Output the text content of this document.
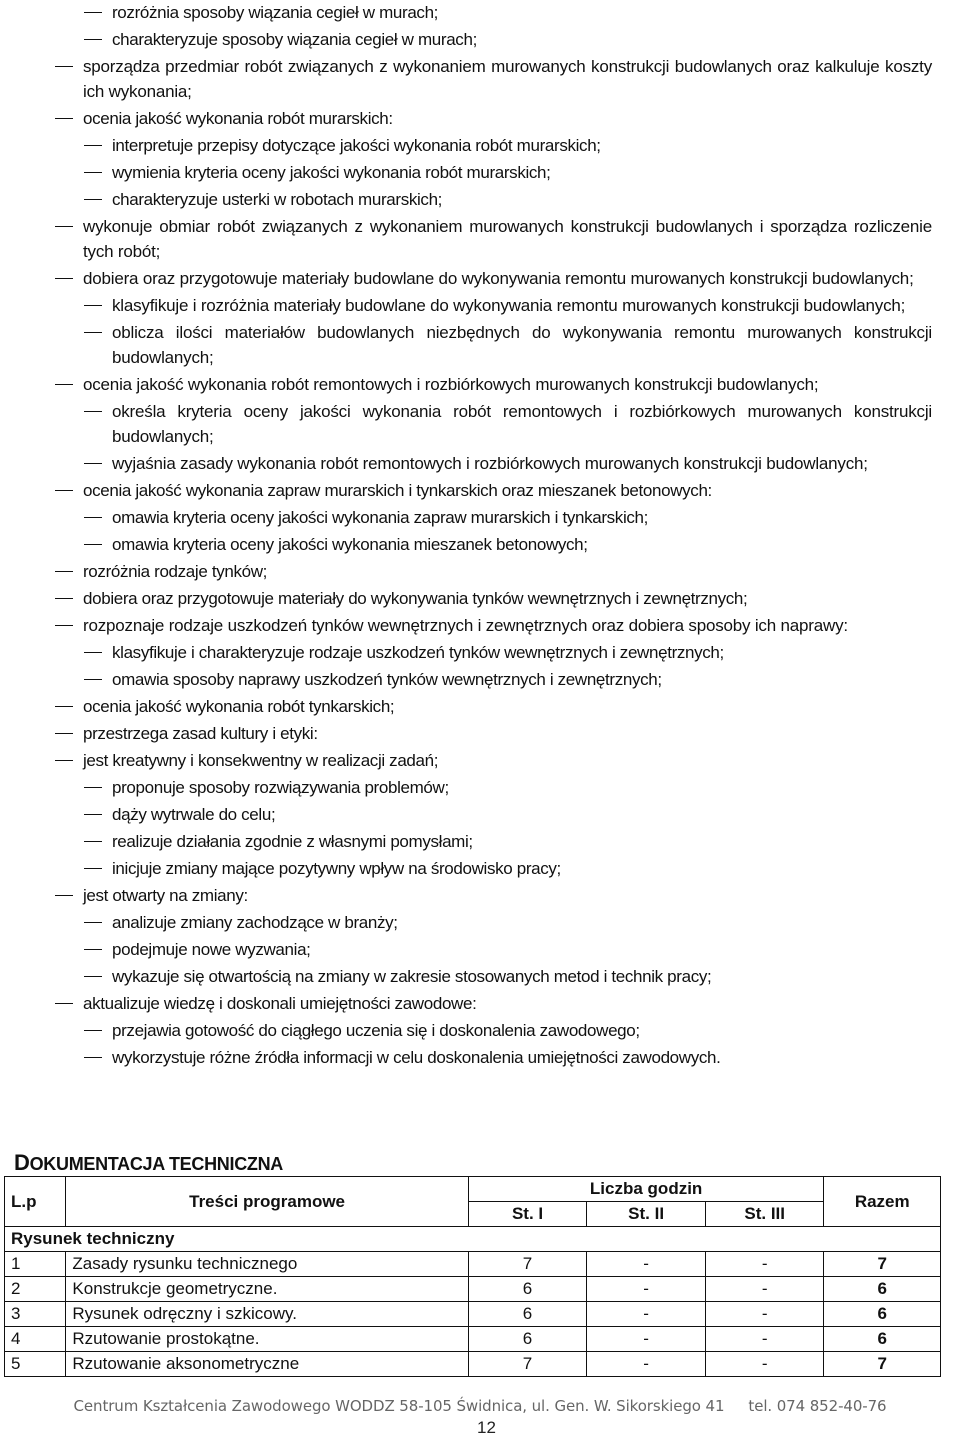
rozróżnia sposoby wiązania cegieł w murach;
charakteryzuje sposoby wiązania cegieł w murach;
sporządza przedmiar robót związanych z wykonaniem murowanych konstrukcji budowlanych oraz kalkuluje koszty ich wykonania;
ocenia jakość wykonania robót murarskich:
interpretuje przepisy dotyczące jakości wykonania robót murarskich;
wymienia kryteria oceny jakości wykonania robót murarskich;
charakteryzuje usterki w robotach murarskich;
wykonuje obmiar robót związanych z wykonaniem murowanych konstrukcji budowlanych i sporządza rozliczenie tych robót;
dobiera oraz przygotowuje materiały budowlane do wykonywania remontu murowanych konstrukcji budowlanych;
klasyfikuje i rozróżnia materiały budowlane do wykonywania remontu murowanych konstrukcji budowlanych;
oblicza ilości materiałów budowlanych niezbędnych do wykonywania remontu murowanych konstrukcji budowlanych;
ocenia jakość wykonania robót remontowych i rozbiórkowych murowanych konstrukcji budowlanych;
określa kryteria oceny jakości wykonania robót remontowych i rozbiórkowych murowanych konstrukcji budowlanych;
wyjaśnia zasady wykonania robót remontowych i rozbiórkowych murowanych konstrukcji budowlanych;
ocenia jakość wykonania zapraw murarskich i tynkarskich oraz mieszanek betonowych:
omawia kryteria oceny jakości wykonania zapraw murarskich i tynkarskich;
omawia kryteria oceny jakości wykonania mieszanek betonowych;
rozróżnia rodzaje tynków;
dobiera oraz przygotowuje materiały do wykonywania tynków wewnętrznych i zewnętrznych;
rozpoznaje rodzaje uszkodzeń tynków wewnętrznych i zewnętrznych oraz dobiera sposoby ich naprawy:
klasyfikuje i charakteryzuje rodzaje uszkodzeń tynków wewnętrznych i zewnętrznych;
omawia sposoby naprawy uszkodzeń tynków wewnętrznych i zewnętrznych;
ocenia jakość wykonania robót tynkarskich;
przestrzega zasad kultury i etyki:
jest kreatywny i konsekwentny w realizacji zadań;
proponuje sposoby rozwiązywania problemów;
dąży wytrwale do celu;
realizuje działania zgodnie z własnymi pomysłami;
inicjuje zmiany mające pozytywny wpływ na środowisko pracy;
jest otwarty na zmiany:
analizuje zmiany zachodzące w branży;
podejmuje nowe wyzwania;
wykazuje się otwartością na zmiany w zakresie stosowanych metod i technik pracy;
aktualizuje wiedzę i doskonali umiejętności zawodowe:
przejawia gotowość do ciągłego uczenia się i doskonalenia zawodowego;
wykorzystuje różne źródła informacji w celu doskonalenia umiejętności zawodowych.
DOKUMENTACJA TECHNICZNA
L.p	Treści programowe	Liczba godzin			Razem
		St. I	St. II	St. III	
Rysunek techniczny					
1	Zasady rysunku technicznego	7	-	-	7
2	Konstrukcje geometryczne.	6	-	-	6
3	Rysunek odręczny i szkicowy.	6	-	-	6
4	Rzutowanie prostokątne.	6	-	-	6
5	Rzutowanie aksonometryczne	7	-	-	7
Centrum Kształcenia Zawodowego WODDZ 58-105 Świdnica, ul. Gen. W. Sikorskiego 41 tel. 074 852-40-76
12
